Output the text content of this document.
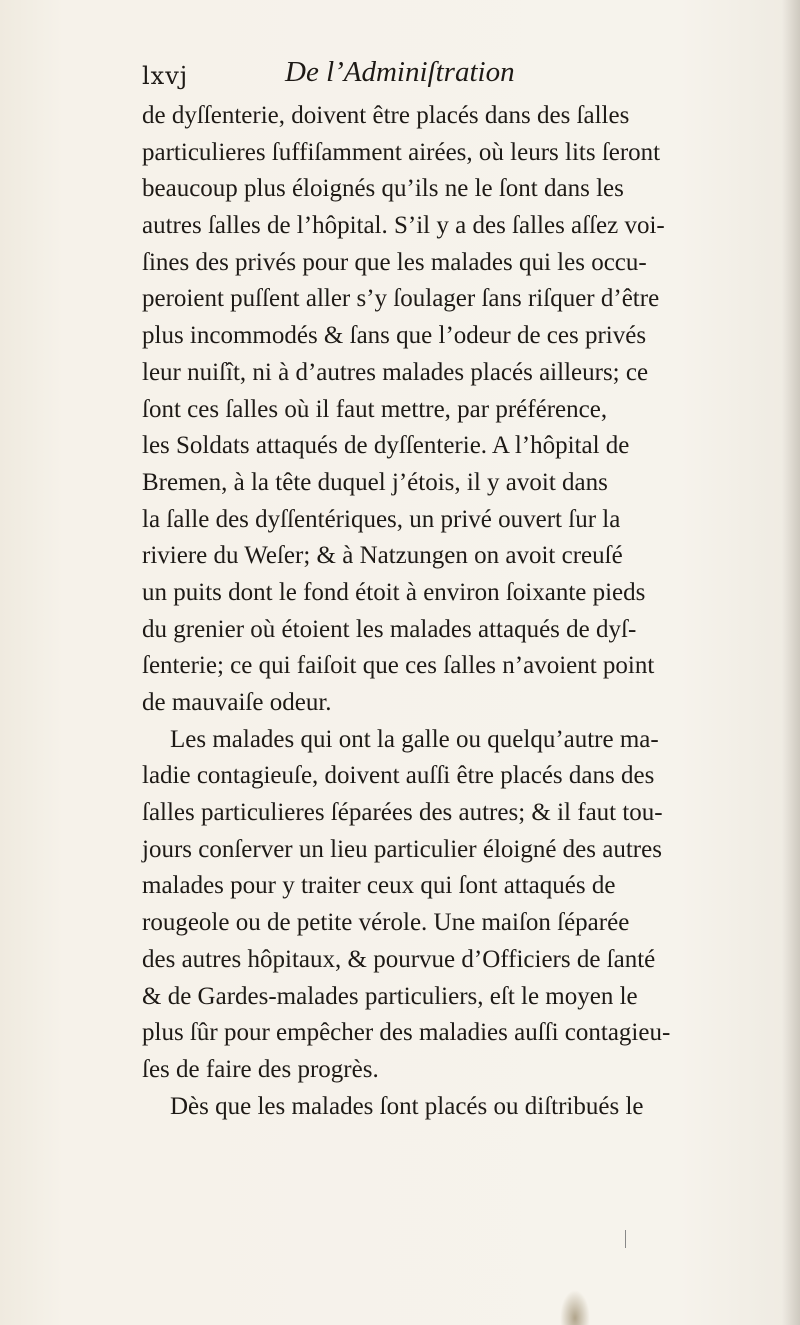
lxvj	De l’Adminiſtration
de dyſſenterie, doivent être placés dans des ſalles
particulieres ſuffiſamment airées, où leurs lits ſeront
beaucoup plus éloignés qu’ils ne le ſont dans les
autres ſalles de l’hôpital. S’il y a des ſalles aſſez voi-
ſines des privés pour que les malades qui les occu-
peroient puſſent aller s’y ſoulager ſans riſquer d’être
plus incommodés & ſans que l’odeur de ces privés
leur nuiſît, ni à d’autres malades placés ailleurs; ce
ſont ces ſalles où il faut mettre, par préférence,
les Soldats attaqués de dyſſenterie. A l’hôpital de
Bremen, à la tête duquel j’étois, il y avoit dans
la ſalle des dyſſentériques, un privé ouvert ſur la
riviere du Weſer; & à Natzungen on avoit creuſé
un puits dont le fond étoit à environ ſoixante pieds
du grenier où étoient les malades attaqués de dyſ-
ſenterie; ce qui faiſoit que ces ſalles n’avoient point
de mauvaiſe odeur.
Les malades qui ont la galle ou quelqu’autre ma-
ladie contagieuſe, doivent auſſi être placés dans des
ſalles particulieres ſéparées des autres; & il faut tou-
jours conſerver un lieu particulier éloigné des autres
malades pour y traiter ceux qui ſont attaqués de
rougeole ou de petite vérole. Une maiſon ſéparée
des autres hôpitaux, & pourvue d’Officiers de ſanté
& de Gardes-malades particuliers, eſt le moyen le
plus ſûr pour empêcher des maladies auſſi contagieu-
ſes de faire des progrès.
Dès que les malades ſont placés ou diſtribués le
